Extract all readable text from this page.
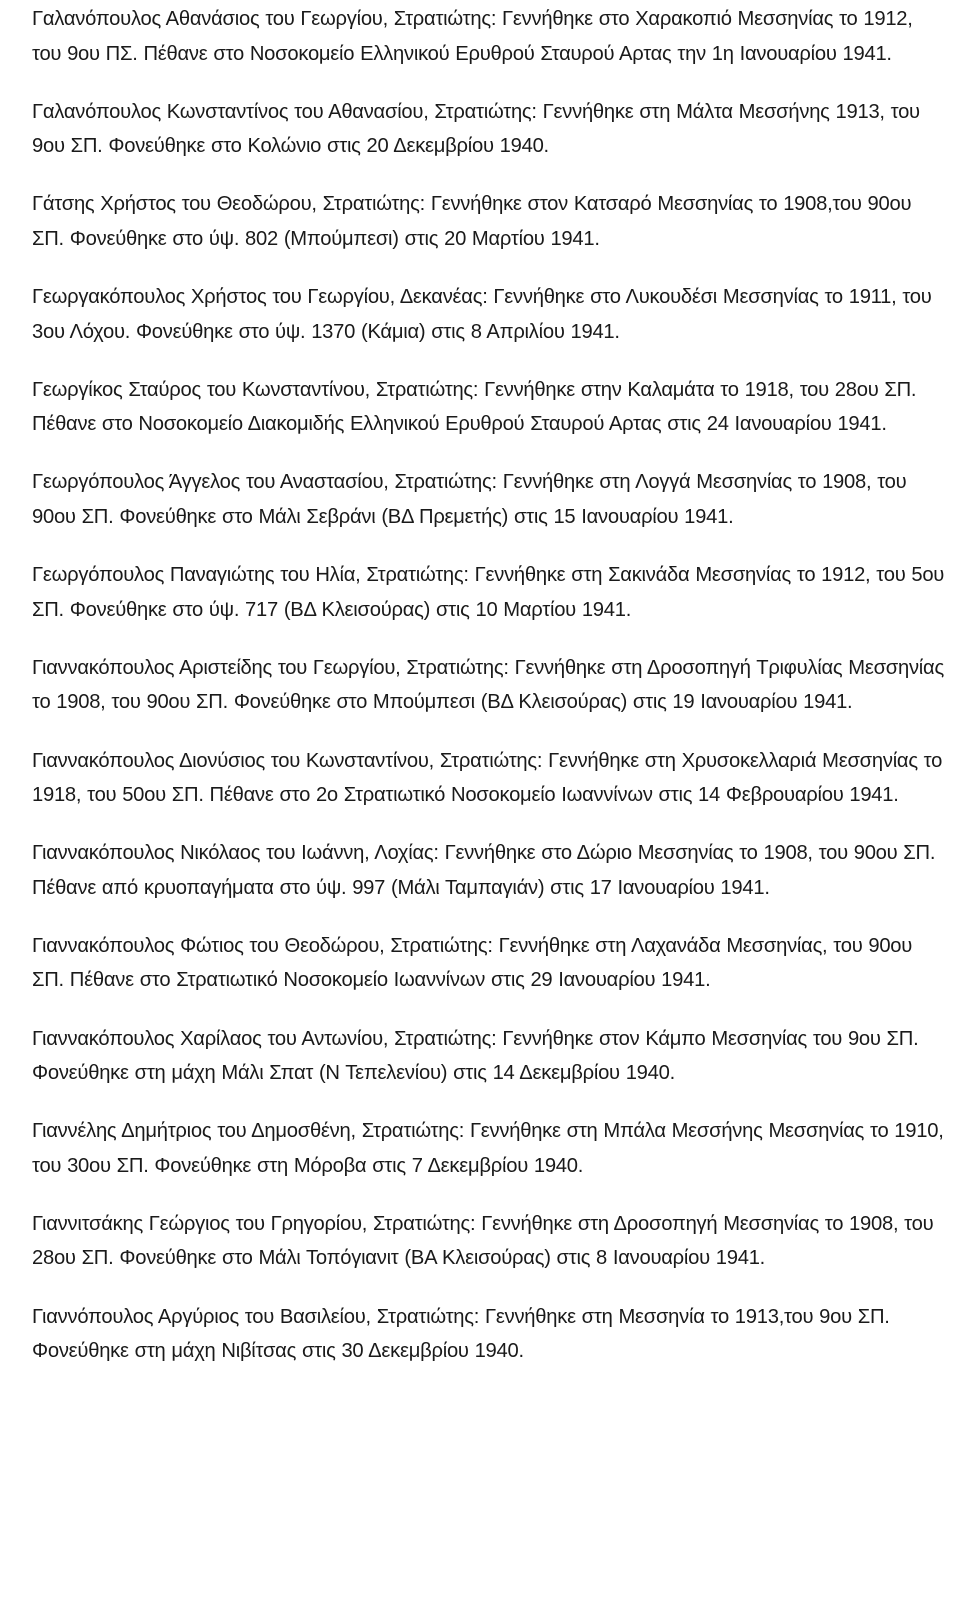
Γαλανόπουλος Αθανάσιος του Γεωργίου, Στρατιώτης: Γεννήθηκε στο Χαρακοπιό Μεσσηνίας το 1912, του 9ου ΠΣ. Πέθανε στο Νοσοκομείο Ελληνικού Ερυθρού Σταυρού Αρτας την 1η Ιανουαρίου 1941.

Γαλανόπουλος Κωνσταντίνος του Αθανασίου, Στρατιώτης: Γεννήθηκε στη Μάλτα Μεσσήνης 1913, του 9ου ΣΠ. Φονεύθηκε στο Κολώνιο στις 20 Δεκεμβρίου 1940.

Γάτσης Χρήστος του Θεοδώρου, Στρατιώτης: Γεννήθηκε στον Κατσαρό Μεσσηνίας το 1908,του 90ου ΣΠ. Φονεύθηκε στο ύψ. 802 (Μπούμπεσι) στις 20 Μαρτίου 1941.

Γεωργακόπουλος Χρήστος του Γεωργίου, Δεκανέας: Γεννήθηκε στο Λυκουδέσι Μεσσηνίας το 1911, του 3ου Λόχου. Φονεύθηκε στο ύψ. 1370 (Κάμια) στις 8 Απριλίου 1941.

Γεωργίκος Σταύρος του Κωνσταντίνου, Στρατιώτης: Γεννήθηκε στην Καλαμάτα το 1918, του 28ου ΣΠ. Πέθανε στο Νοσοκομείο Διακομιδής Ελληνικού Ερυθρού Σταυρού Αρτας στις 24 Ιανουαρίου 1941.

Γεωργόπουλος Άγγελος του Αναστασίου, Στρατιώτης: Γεννήθηκε στη Λογγά Μεσσηνίας το 1908, του 90ου ΣΠ. Φονεύθηκε στο Μάλι Σεβράνι (ΒΔ Πρεμετής) στις 15 Ιανουαρίου 1941.

Γεωργόπουλος Παναγιώτης του Ηλία, Στρατιώτης: Γεννήθηκε στη Σακινάδα Μεσσηνίας το 1912, του 5ου ΣΠ. Φονεύθηκε στο ύψ. 717 (ΒΔ Κλεισούρας) στις 10 Μαρτίου 1941.

Γιαννακόπουλος Αριστείδης του Γεωργίου, Στρατιώτης: Γεννήθηκε στη Δροσοπηγή Τριφυλίας Μεσσηνίας το 1908, του 90ου ΣΠ. Φονεύθηκε στο Μπούμπεσι (ΒΔ Κλεισούρας) στις 19 Ιανουαρίου 1941.

Γιαννακόπουλος Διονύσιος του Κωνσταντίνου, Στρατιώτης: Γεννήθηκε στη Χρυσοκελλαριά Μεσσηνίας το 1918, του 50ου ΣΠ. Πέθανε στο 2ο Στρατιωτικό Νοσοκομείο Ιωαννίνων στις 14 Φεβρουαρίου 1941.

Γιαννακόπουλος Νικόλαος του Ιωάννη, Λοχίας: Γεννήθηκε στο Δώριο Μεσσηνίας το 1908, του 90ου ΣΠ. Πέθανε από κρυοπαγήματα στο ύψ. 997 (Μάλι Ταμπαγιάν) στις 17 Ιανουαρίου 1941.

Γιαννακόπουλος Φώτιος του Θεοδώρου, Στρατιώτης: Γεννήθηκε στη Λαχανάδα Μεσσηνίας, του 90ου ΣΠ. Πέθανε στο Στρατιωτικό Νοσοκομείο Ιωαννίνων στις 29 Ιανουαρίου 1941.

Γιαννακόπουλος Χαρίλαος του Αντωνίου, Στρατιώτης: Γεννήθηκε στον Κάμπο Μεσσηνίας του 9ου ΣΠ. Φονεύθηκε στη μάχη Μάλι Σπατ (Ν Τεπελενίου) στις 14 Δεκεμβρίου 1940.

Γιαννέλης Δημήτριος του Δημοσθένη, Στρατιώτης: Γεννήθηκε στη Μπάλα Μεσσήνης Μεσσηνίας το 1910, του 30ου ΣΠ. Φονεύθηκε στη Μόροβα στις 7 Δεκεμβρίου 1940.

Γιαννιτσάκης Γεώργιος του Γρηγορίου, Στρατιώτης: Γεννήθηκε στη Δροσοπηγή Μεσσηνίας το 1908, του 28ου ΣΠ. Φονεύθηκε στο Μάλι Τοπόγιανιτ (ΒΑ Κλεισούρας) στις 8 Ιανουαρίου 1941.

Γιαννόπουλος Αργύριος του Βασιλείου, Στρατιώτης: Γεννήθηκε στη Μεσσηνία το 1913,του 9ου ΣΠ. Φονεύθηκε στη μάχη Νιβίτσας στις 30 Δεκεμβρίου 1940.
